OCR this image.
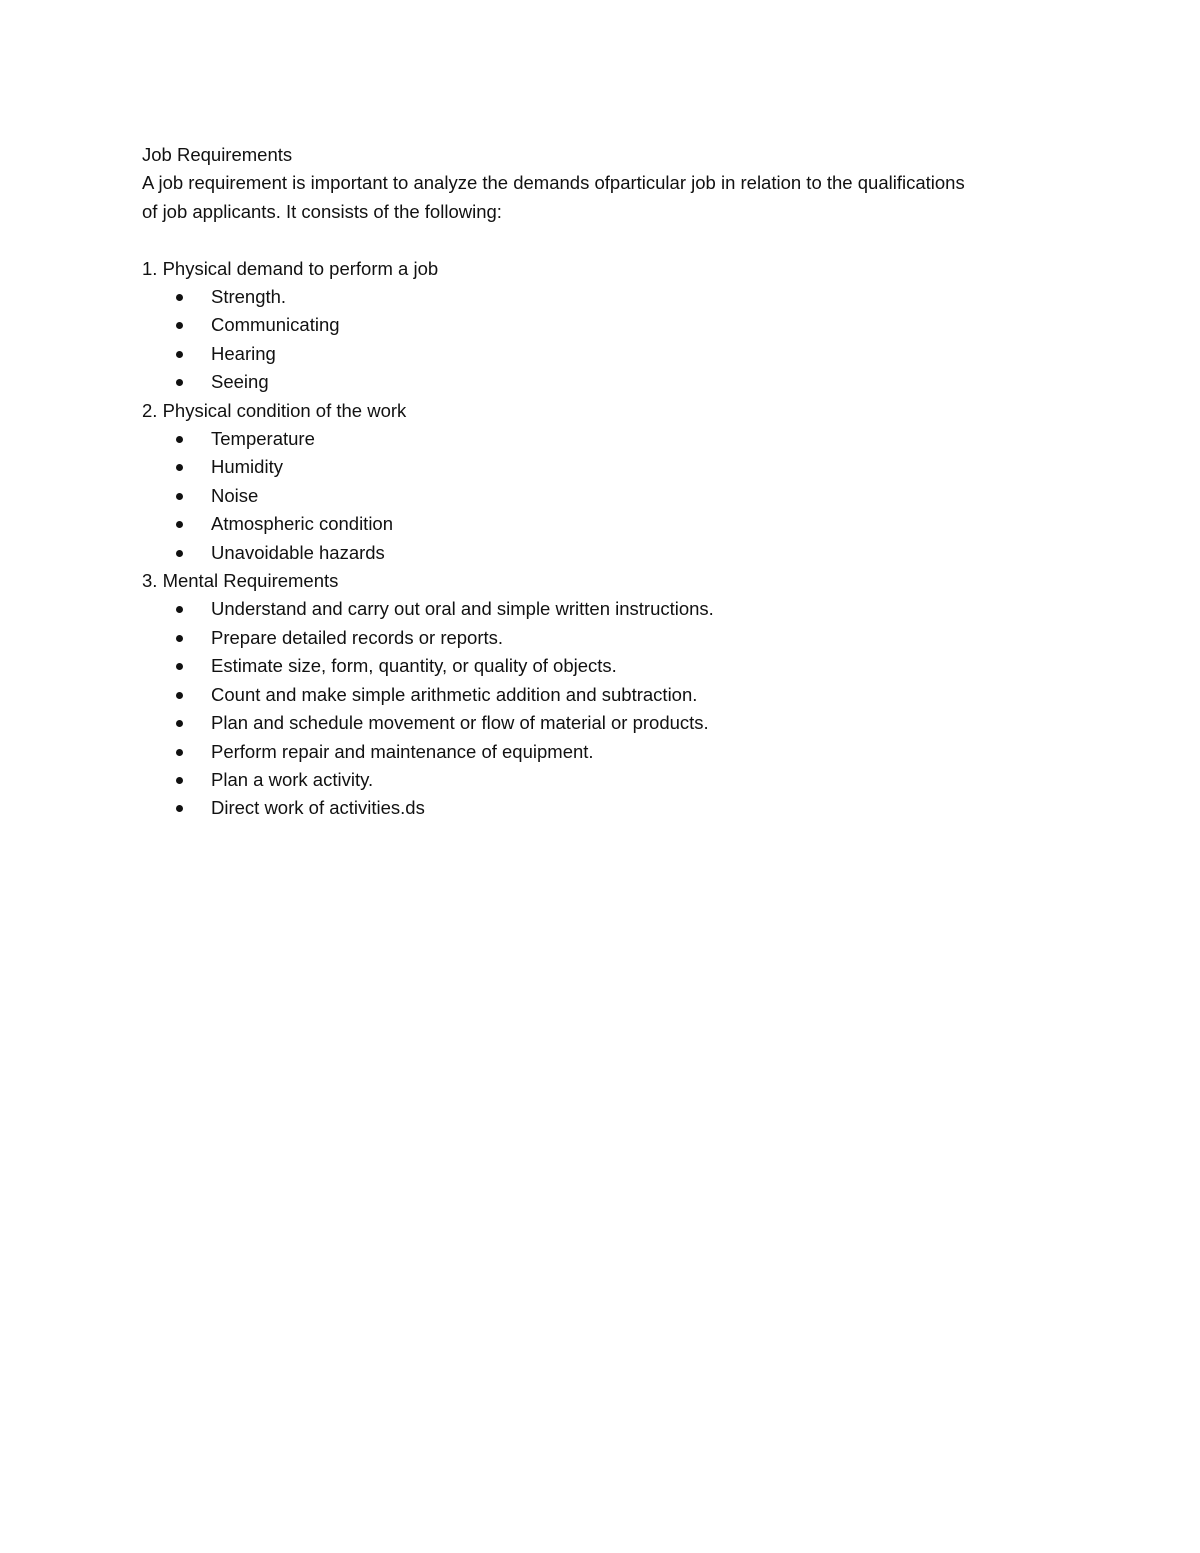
Job Requirements

A job requirement is important to analyze the demands ofparticular job in relation to the qualifications

of job applicants. It consists of the following:

1. Physical demand to perform a job

Strength.
Communicating
Hearing
Seeing

2. Physical condition of the work

Temperature
Humidity
Noise
Atmospheric condition
Unavoidable hazards

3. Mental Requirements

Understand and carry out oral and simple written instructions.
Prepare detailed records or reports.
Estimate size, form, quantity, or quality of objects.
Count and make simple arithmetic addition and subtraction.
Plan and schedule movement or flow of material or products.
Perform repair and maintenance of equipment.
Plan a work activity.
Direct work of activities.ds
